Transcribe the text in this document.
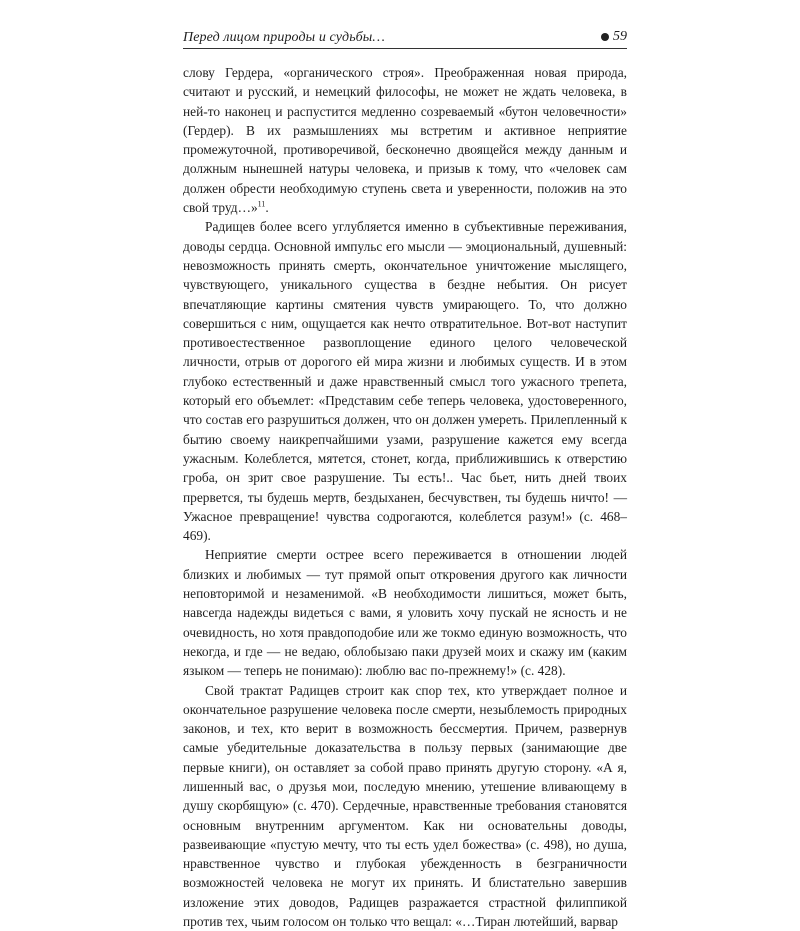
Перед лицом природы и судьбы…	59

слову Гердера, «органического строя». Преображенная новая природа, считают и русский, и немецкий философы, не может не ждать человека, в ней-то наконец и распустится медленно созреваемый «бутон человечности» (Гердер). В их размышлениях мы встретим и активное неприятие промежуточной, противоречивой, бесконечно двоящейся между данным и должным нынешней натуры человека, и призыв к тому, что «человек сам должен обрести необходимую ступень света и уверенности, положив на это свой труд…»$^{11}$.

Радищев более всего углубляется именно в субъективные переживания, доводы сердца. Основной импульс его мысли — эмоциональный, душевный: невозможность принять смерть, окончательное уничтожение мыслящего, чувствующего, уникального существа в бездне небытия. Он рисует впечатляющие картины смятения чувств умирающего. То, что должно совершиться с ним, ощущается как нечто отвратительное. Вот-вот наступит противоестественное развоплощение единого целого человеческой личности, отрыв от дорогого ей мира жизни и любимых существ. И в этом глубоко естественный и даже нравственный смысл того ужасного трепета, который его объемлет: «Представим себе теперь человека, удостоверенного, что состав его разрушиться должен, что он должен умереть. Прилепленный к бытию своему наикрепчайшими узами, разрушение кажется ему всегда ужасным. Колеблется, мятется, стонет, когда, приближившись к отверстию гроба, он зрит свое разрушение. Ты есть!.. Час бьет, нить дней твоих прервется, ты будешь мертв, бездыханен, бесчувствен, ты будешь ничто! — Ужасное превращение! чувства содрогаются, колеблется разум!» (с. 468–469).

Неприятие смерти острее всего переживается в отношении людей близких и любимых — тут прямой опыт откровения другого как личности неповторимой и незаменимой. «В необходимости лишиться, может быть, навсегда надежды видеться с вами, я уловить хочу пускай не ясность и не очевидность, но хотя правдоподобие или же токмо единую возможность, что некогда, и где — не ведаю, облобызаю паки друзей моих и скажу им (каким языком — теперь не понимаю): люблю вас по-прежнему!» (с. 428).

Свой трактат Радищев строит как спор тех, кто утверждает полное и окончательное разрушение человека после смерти, незыблемость природных законов, и тех, кто верит в возможность бессмертия. Причем, развернув самые убедительные доказательства в пользу первых (занимающие две первые книги), он оставляет за собой право принять другую сторону. «А я, лишенный вас, о друзья мои, последую мнению, утешение вливающему в душу скорбящую» (с. 470). Сердечные, нравственные требования становятся основным внутренним аргументом. Как ни основательны доводы, развеивающие «пустую мечту, что ты есть удел божества» (с. 498), но душа, нравственное чувство и глубокая убежденность в безграничности возможностей человека не могут их принять. И блистательно завершив изложение этих доводов, Радищев разражается страстной филиппикой против тех, чьим голосом он только что вещал: «…Тиран лютейший, варвар
